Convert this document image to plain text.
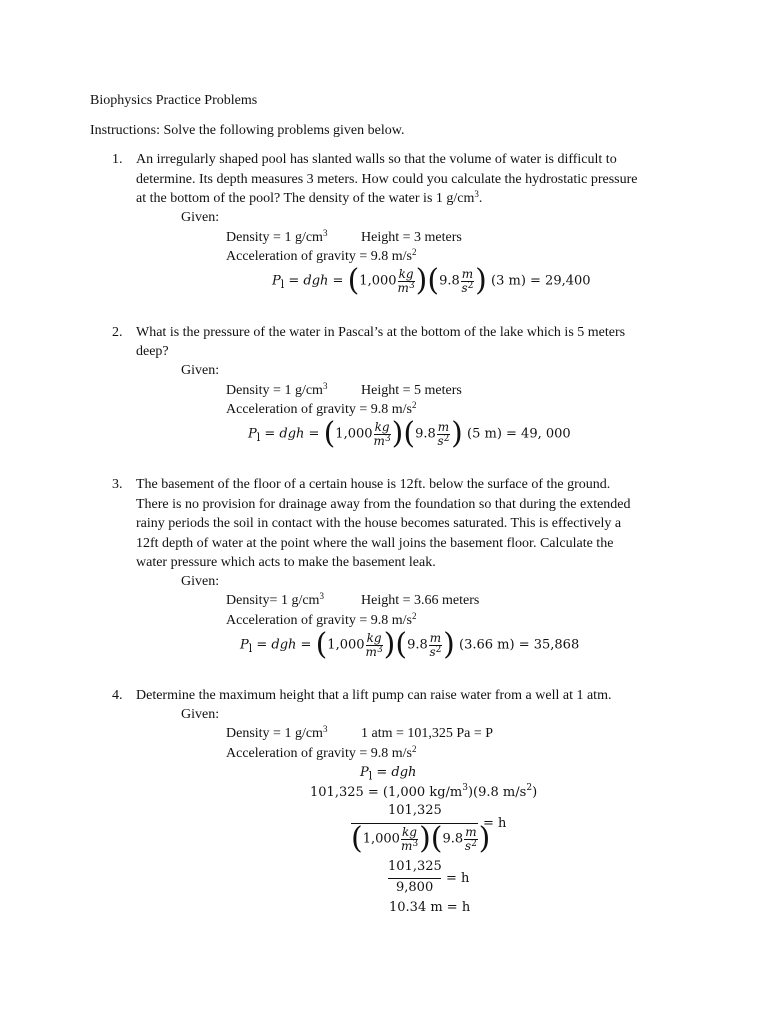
Biophysics Practice Problems
Instructions: Solve the following problems given below.
1. An irregularly shaped pool has slanted walls so that the volume of water is difficult to
determine. Its depth measures 3 meters. How could you calculate the hydrostatic pressure
at the bottom of the pool? The density of the water is 1 $g/cm^3$.
Given:
Density = 1 $g/cm^3$ Height = 3 meters
Acceleration of gravity = 9.8 $m/s^2$
$P_l$ = dgh = $(1,000 \frac{kg}{m^3} )(9.8 \frac{m}{s^2}$ ) (3 m) = 29,400
2. What is the pressure of the water in Pascal’s at the bottom of the lake which is 5 meters
deep?
Given:
Density = 1 $g/cm^3$ Height = 5 meters
Acceleration of gravity = 9.8 $m/s^2$
$P_l$ = dgh = $(1,000 \frac{kg}{m^3} )(9.8 \frac{m}{s^2}$ ) (5 m) = 49, 000
3. The basement of the floor of a certain house is 12ft. below the surface of the ground.
There is no provision for drainage away from the foundation so that during the extended
rainy periods the soil in contact with the house becomes saturated. This is effectively a
12ft depth of water at the point where the wall joins the basement floor. Calculate the
water pressure which acts to make the basement leak.
Given:
Density= 1 $g/cm^3$	Height = 3.66 meters
Acceleration of gravity = 9.8 $m/s^2$
$P_l$ = dgh = $(1,000 \frac{kg}{m^3} )(9.8 \frac{m}{s^2}$ ) (3.66 m) = 35,868
4. Determine the maximum height that a lift pump can raise water from a well at 1 atm.
Given:
Density = 1 $g/cm^3$ 1 atm = 101,325 Pa = P
Acceleration of gravity = 9.8 $m/s^2$
$P_l$ = dgh
101,325 = (1,000 $kg/m^3)(9.8$ $m/s^2$)
101,325
= h
$(1,000 \frac{kg}{m^3} )(9.8 \frac{m}{s^2}$ )
101,325
= h
9,800
10.34 m = h
